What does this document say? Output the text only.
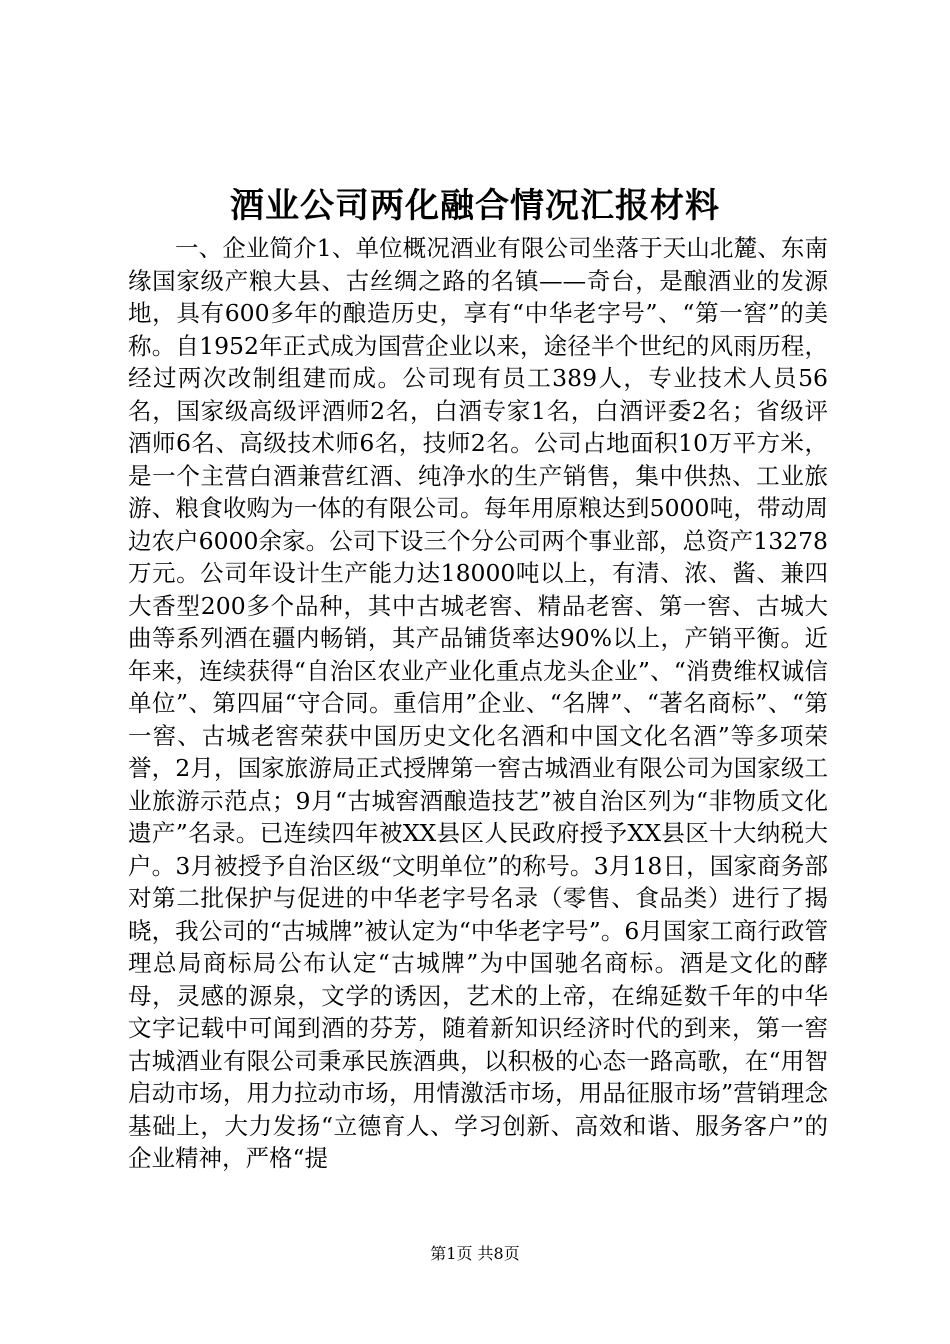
酒业公司两化融合情况汇报材料

一、企业简介1、单位概况酒业有限公司坐落于天山北麓、东南缘国家级产粮大县、古丝绸之路的名镇——奇台，是酿酒业的发源地，具有600多年的酿造历史，享有“中华老字号”、“第一窖”的美称。自1952年正式成为国营企业以来，途径半个世纪的风雨历程，经过两次改制组建而成。公司现有员工389人，专业技术人员56名，国家级高级评酒师2名，白酒专家1名，白酒评委2名；省级评酒师6名、高级技术师6名，技师2名。公司占地面积10万平方米，是一个主营白酒兼营红酒、纯净水的生产销售，集中供热、工业旅游、粮食收购为一体的有限公司。每年用原粮达到5000吨，带动周边农户6000余家。公司下设三个分公司两个事业部，总资产13278万元。公司年设计生产能力达18000吨以上，有清、浓、酱、兼四大香型200多个品种，其中古城老窖、精品老窖、第一窖、古城大曲等系列酒在疆内畅销，其产品铺货率达90%以上，产销平衡。近年来，连续获得“自治区农业产业化重点龙头企业”、“消费维权诚信单位”、第四届“守合同。重信用”企业、“名牌”、“著名商标”、“第一窖、古城老窖荣获中国历史文化名酒和中国文化名酒”等多项荣誉，2月，国家旅游局正式授牌第一窖古城酒业有限公司为国家级工业旅游示范点；9月“古城窖酒酿造技艺”被自治区列为“非物质文化遗产”名录。已连续四年被XX县区人民政府授予XX县区十大纳税大户。3月被授予自治区级“文明单位”的称号。3月18日，国家商务部对第二批保护与促进的中华老字号名录（零售、食品类）进行了揭晓，我公司的“古城牌”被认定为“中华老字号”。6月国家工商行政管理总局商标局公布认定“古城牌”为中国驰名商标。酒是文化的酵母，灵感的源泉，文学的诱因，艺术的上帝，在绵延数千年的中华文字记载中可闻到酒的芬芳，随着新知识经济时代的到来，第一窖古城酒业有限公司秉承民族酒典，以积极的心态一路高歌，在“用智启动市场，用力拉动市场，用情激活市场，用品征服市场”营销理念基础上，大力发扬“立德育人、学习创新、高效和谐、服务客户”的企业精神，严格“提

第1页 共8页
